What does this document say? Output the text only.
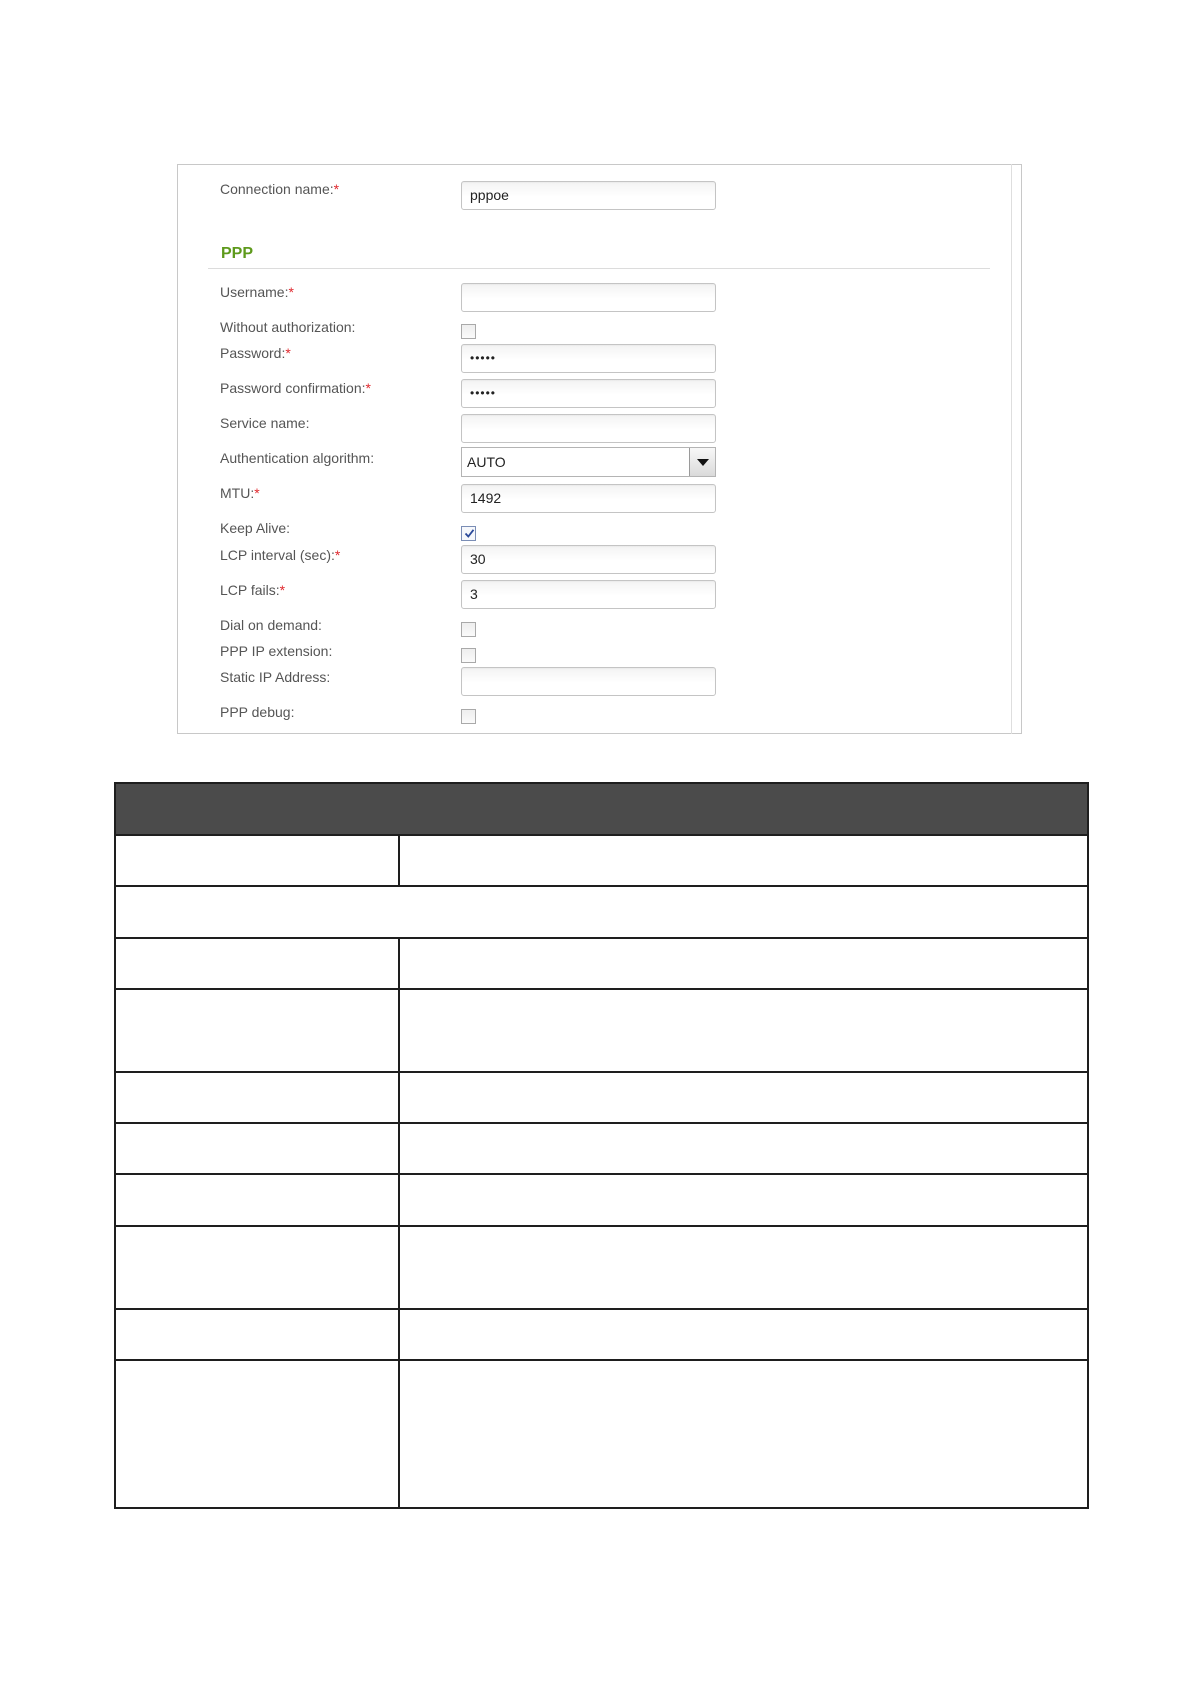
Connection name:*	pppoe
PPP
Username:*
Without authorization:
Password:*	•••••
Password confirmation:*	•••••
Service name:
Authentication algorithm:	AUTO
MTU:*	1492
Keep Alive:
LCP interval (sec):*	30
LCP fails:*	3
Dial on demand:
PPP IP extension:
Static IP Address:
PPP debug:
